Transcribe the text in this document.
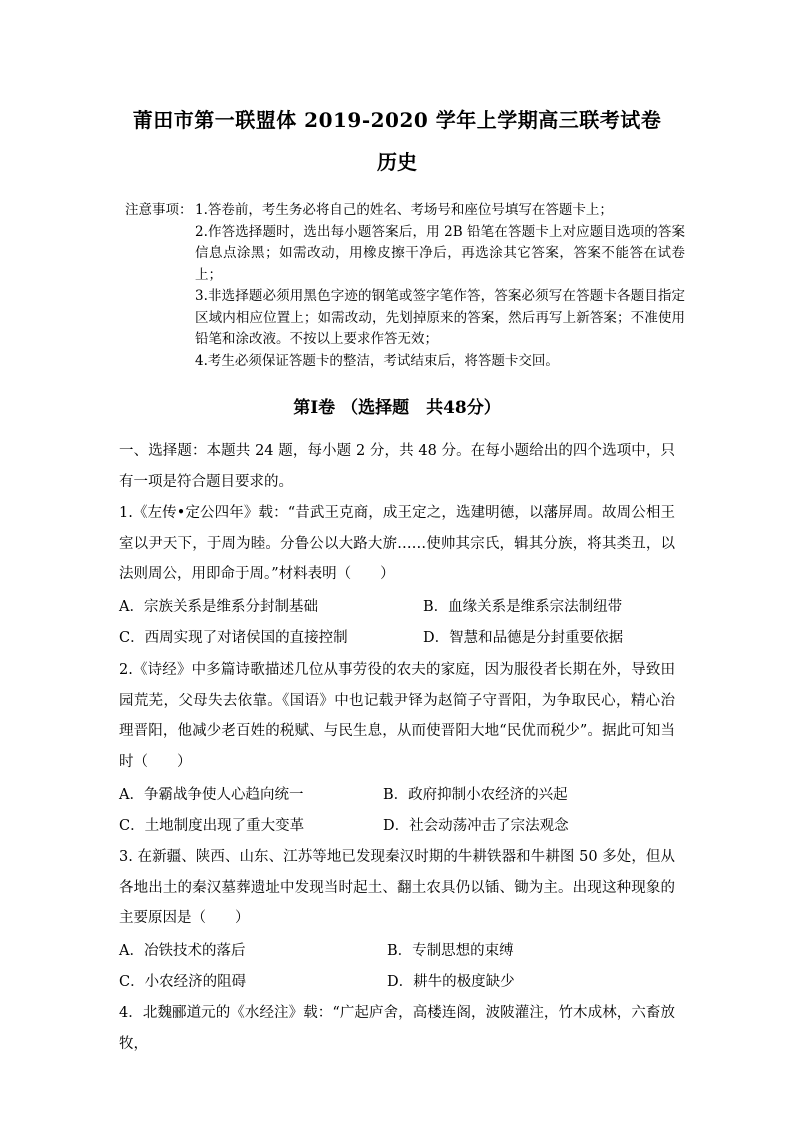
莆田市第一联盟体 2019-2020 学年上学期高三联考试卷
历史
注意事项： 1.答卷前，考生务必将自己的姓名、考场号和座位号填写在答题卡上；
2.作答选择题时，选出每小题答案后，用 2B 铅笔在答题卡上对应题目选项的答案信息点涂黑；如需改动，用橡皮擦干净后，再选涂其它答案，答案不能答在试卷上；
3.非选择题必须用黑色字迹的钢笔或签字笔作答，答案必须写在答题卡各题目指定区域内相应位置上；如需改动，先划掉原来的答案，然后再写上新答案；不准使用铅笔和涂改液。不按以上要求作答无效；
4.考生必须保证答题卡的整洁，考试结束后，将答题卡交回。
第Ⅰ卷 （选择题　共48分）

一、选择题：本题共 24 题，每小题 2 分，共 48 分。在每小题给出的四个选项中，只有一项是符合题目要求的。

1.《左传•定公四年》载：“昔武王克商，成王定之，选建明德，以藩屏周。故周公相王室以尹天下，于周为睦。分鲁公以大路大旂……使帅其宗氏，辑其分族，将其类丑，以法则周公，用即命于周。”材料表明（　　）

A．宗族关系是维系分封制基础	B．血缘关系是维系宗法制纽带
C．西周实现了对诸侯国的直接控制	D．智慧和品德是分封重要依据

2.《诗经》中多篇诗歌描述几位从事劳役的农夫的家庭，因为服役者长期在外，导致田园荒芜，父母失去依靠。《国语》中也记载尹铎为赵简子守晋阳，为争取民心，精心治理晋阳，他减少老百姓的税赋、与民生息，从而使晋阳大地“民优而税少”。据此可知当时（　　）

A．争霸战争使人心趋向统一	B．政府抑制小农经济的兴起
C．土地制度出现了重大变革	D．社会动荡冲击了宗法观念

3. 在新疆、陕西、山东、江苏等地已发现秦汉时期的牛耕铁器和牛耕图 50 多处，但从各地出土的秦汉墓葬遗址中发现当时起土、翻土农具仍以锸、锄为主。出现这种现象的主要原因是（　　）

A．冶铁技术的落后	B．专制思想的束缚
C．小农经济的阻碍	D．耕牛的极度缺少

4．北魏郦道元的《水经注》载：“广起庐舍，高楼连阁，波陂灌注，竹木成林，六畜放牧，
